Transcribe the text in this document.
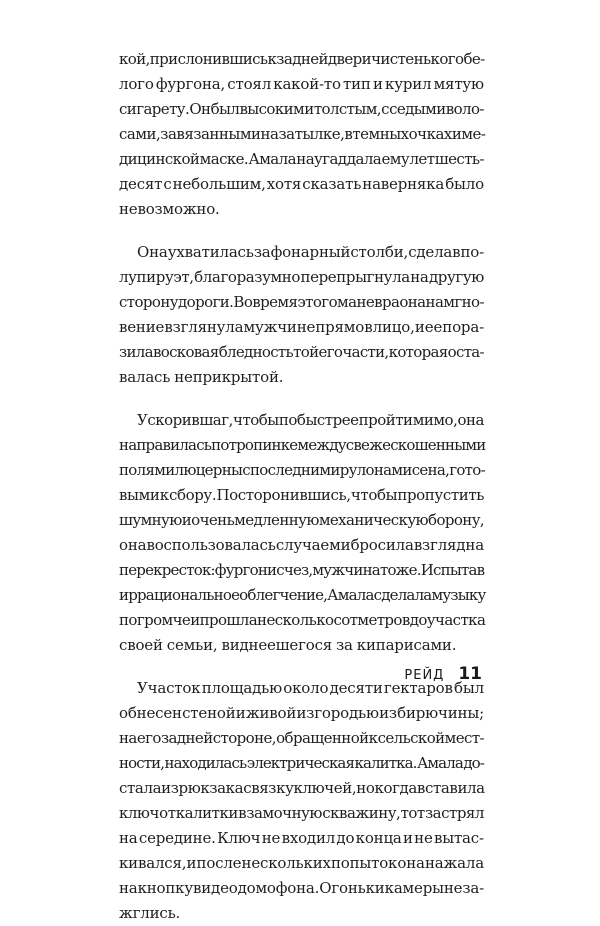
кой, прислонившись к задней двери чистенького бе-
лого фургона, стоял какой-то тип и курил мятую
сигарету. Он был высоким и толстым, с седыми воло-
сами, завязанными на затылке, в темных очках и ме-
дицинской маске. Амала наугад дала ему лет шесть-
десят с небольшим, хотя сказать наверняка было
невозможно.
Она ухватилась за фонарный столб и, сделав по-
лупируэт, благоразумно перепрыгнула на другую
сторону дороги. Во время этого маневра она на мгно-
вение взглянула мужчине прямо в лицо, и ее пора-
зила восковая бледность той его части, которая оста-
валась неприкрытой.
Ускорив шаг, чтобы побыстрее пройти мимо, она
направилась по тропинке между свежескошенными
полями люцерны с последними рулонами сена, гото-
выми к сбору. Посторонившись, чтобы пропустить
шумную и очень медленную механическую борону,
она воспользовалась случаем и бросила взгляд на
перекресток: фургон исчез, мужчина тоже. Испытав
иррациональное облегчение, Амала сделала музыку
погромче и прошла несколько сот метров до участка
своей семьи, виднеешегося за кипарисами.
Участок площадью около десяти гектаров был
обнесен стеной и живой изгородью из бирючины;
на его задней стороне, обращенной к сельской мест-
ности, находилась электрическая калитка. Амала до-
стала из рюкзака связку ключей, но когда вставила
ключ от калитки в замочную скважину, тот застрял
на середине. Ключ не входил до конца и не вытас-
кивался, и после нескольких попыток она нажала
на кнопку видеодомофона. Огоньки камеры не за-
жглись.
РЕЙД 11
